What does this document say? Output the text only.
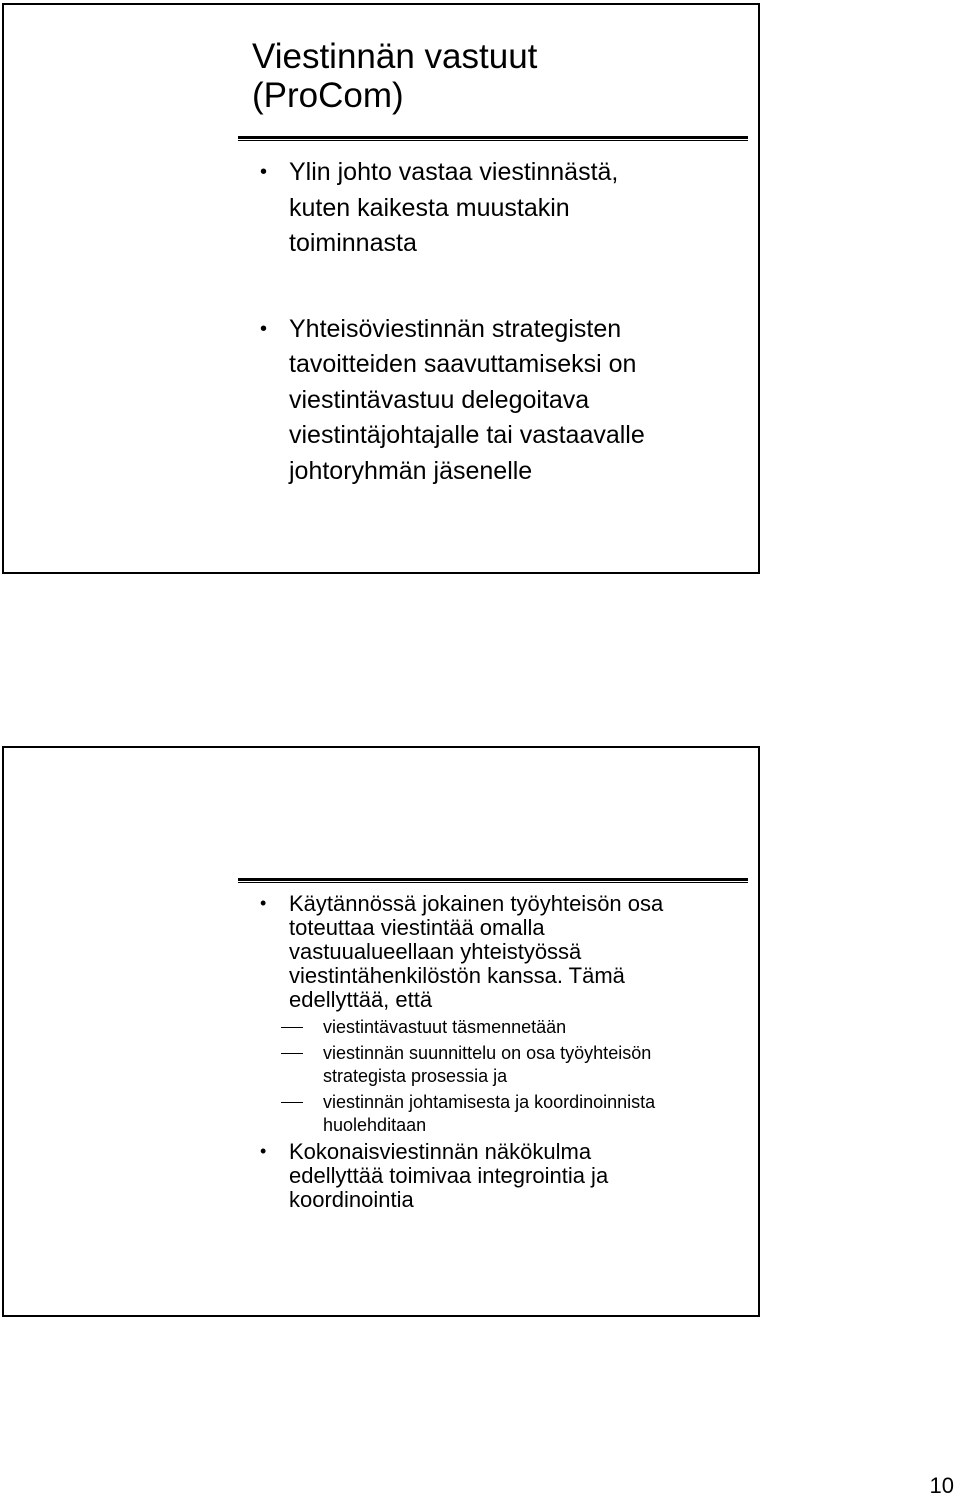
Viestinnän vastuut
(ProCom)
• Ylin johto vastaa viestinnästä,
kuten kaikesta muustakin
toiminnasta
• Yhteisöviestinnän strategisten
tavoitteiden saavuttamiseksi on
viestintävastuu delegoitava
viestintäjohtajalle tai vastaavalle
johtoryhmän jäsenelle
• Käytännössä jokainen työyhteisön osa
toteuttaa viestintää omalla
vastuualueellaan yhteistyössä
viestintähenkilöstön kanssa. Tämä
edellyttää, että
viestintävastuut täsmennetään
viestinnän suunnittelu on osa työyhteisön
strategista prosessia ja
viestinnän johtamisesta ja koordinoinnista
huolehditaan
• Kokonaisviestinnän näkökulma
edellyttää toimivaa integrointia ja
koordinointia
10
